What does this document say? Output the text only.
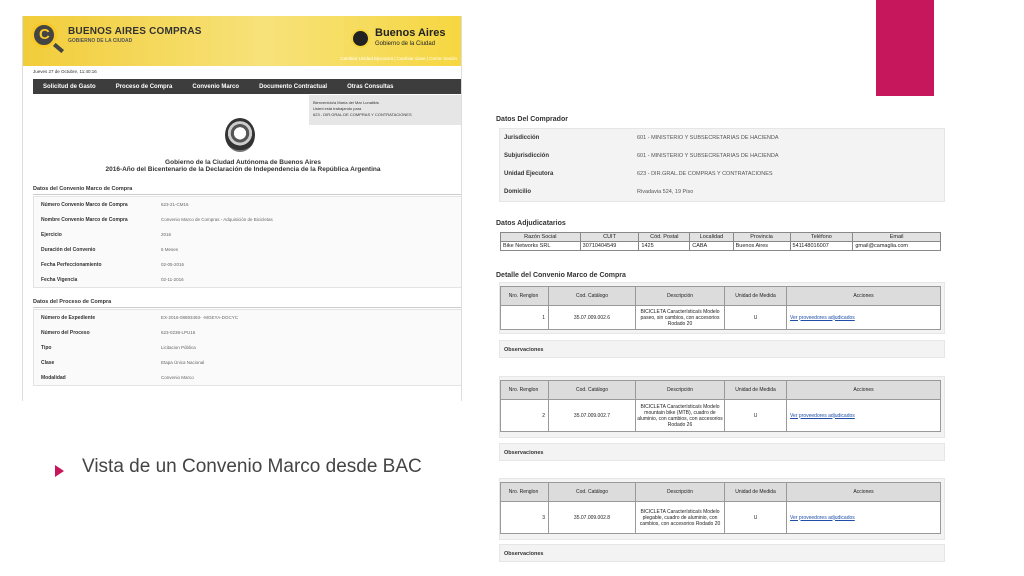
C
BUENOS AIRES COMPRAS
GOBIERNO DE LA CIUDAD
Buenos Aires
Gobierno de la Ciudad
Cambiar Unidad Ejecutora | Cambiar clave | Cerrar Sesión
Jueves 27 de Octubre, 11:40:16
Solicitud de Gasto	Proceso de Compra	Convenio Marco	Documento Contractual	Otras Consultas
Bienvenido/a María del Mar Lunatikis
Usted está trabajando para
623 - DIR.GRAL.DE COMPRAS Y CONTRATACIONES
Gobierno de la Ciudad Autónoma de Buenos Aires
2016-Año del Bicentenario de la Declaración de Independencia de la República Argentina
Datos del Convenio Marco de Compra
Número Convenio Marco de Compra	623-21-CM16
Nombre Convenio Marco de Compra	Convenio Marco de Compras - Adquisición de Bicicletas
Ejercicio	2016
Duración del Convenio	6 Meses
Fecha Perfeccionamiento	02-05-2016
Fecha Vigencia	02-11-2016
Datos del Proceso de Compra
Número de Expediente	EX-2016-08893493- -MGEYA-DGCYC
Número del Proceso	623-0238-LPU16
Tipo	Licitacion Pública
Clase	Etapa Única Nacional
Modalidad	Convenio Marco
Datos Del Comprador
Jurisdicción	601 - MINISTERIO Y SUBSECRETARIAS DE HACIENDA
Subjurisdicción	601 - MINISTERIO Y SUBSECRETARIAS DE HACIENDA
Unidad Ejecutora	623 - DIR.GRAL.DE COMPRAS Y CONTRATACIONES
Domicilio	Rivadavia 524, 19 Piso
Datos Adjudicatarios
Razón Social	CUIT	Cód. Postal	Localidad	Provincia	Teléfono	Email
Bike Networks SRL	30710404549	1425	CABA	Buenos Aires	541148016007	gmail@camaglia.com
Detalle del Convenio Marco de Compra
Nro. Renglon	Cod. Catálogo	Descripción	Unidad de Medida	Acciones
1	35.07.009.002.6	BICICLETA Característica/s Modelo paseo, sin cambios, con accesorios Rodado 20	U	Ver proveedores adjudicados
Observaciones
Nro. Renglon	Cod. Catálogo	Descripción	Unidad de Medida	Acciones
2	35.07.009.002.7	BICICLETA Característica/s Modelo mountain bike (MTB), cuadro de aluminio, con cambios, con accesorios Rodado 26	U	Ver proveedores adjudicados
Observaciones
Nro. Renglon	Cod. Catálogo	Descripción	Unidad de Medida	Acciones
3	35.07.009.002.8	BICICLETA Característica/s Modelo plegable, cuadro de aluminio, con cambios, con accesorios Rodado 20	U	Ver proveedores adjudicados
Observaciones
Vista de un Convenio Marco desde BAC
